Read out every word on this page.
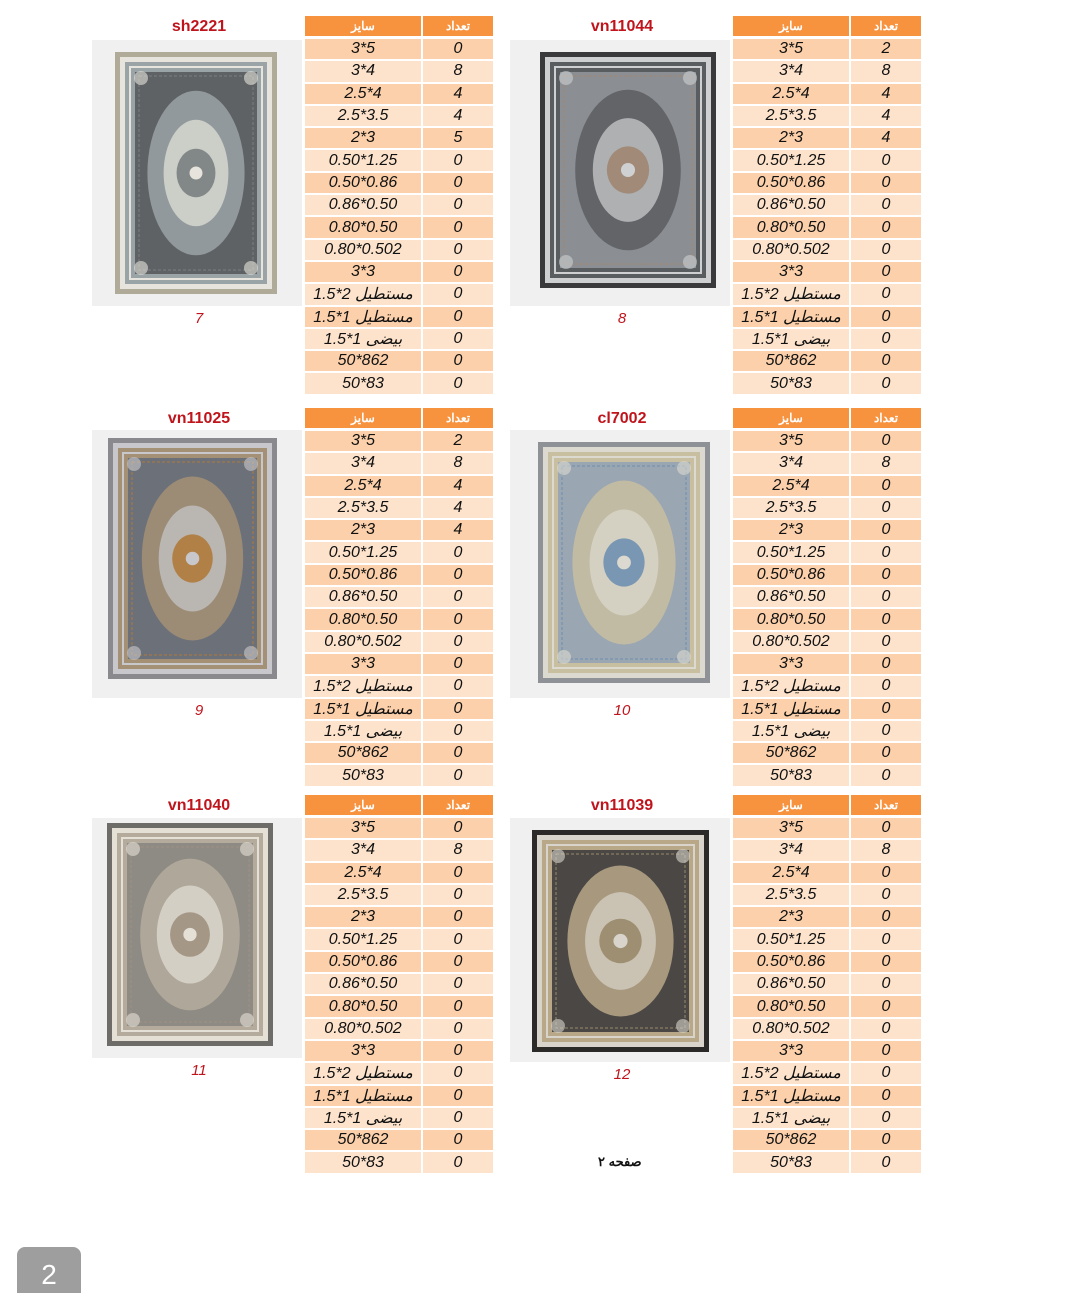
sh2221
7
سایز	تعداد
3*5	0
3*4	8
2.5*4	4
2.5*3.5	4
2*3	5
0.50*1.25	0
0.50*0.86	0
0.86*0.50	0
0.80*0.50	0
0.80*0.502	0
3*3	0
مستطیل 2*1.5	0
مستطیل 1*1.5	0
بیضی 1*1.5	0
50*862	0
50*83	0
vn11044
8
سایز	تعداد
3*5	2
3*4	8
2.5*4	4
2.5*3.5	4
2*3	4
0.50*1.25	0
0.50*0.86	0
0.86*0.50	0
0.80*0.50	0
0.80*0.502	0
3*3	0
مستطیل 2*1.5	0
مستطیل 1*1.5	0
بیضی 1*1.5	0
50*862	0
50*83	0
vn11025
9
سایز	تعداد
3*5	2
3*4	8
2.5*4	4
2.5*3.5	4
2*3	4
0.50*1.25	0
0.50*0.86	0
0.86*0.50	0
0.80*0.50	0
0.80*0.502	0
3*3	0
مستطیل 2*1.5	0
مستطیل 1*1.5	0
بیضی 1*1.5	0
50*862	0
50*83	0
cl7002
10
سایز	تعداد
3*5	0
3*4	8
2.5*4	0
2.5*3.5	0
2*3	0
0.50*1.25	0
0.50*0.86	0
0.86*0.50	0
0.80*0.50	0
0.80*0.502	0
3*3	0
مستطیل 2*1.5	0
مستطیل 1*1.5	0
بیضی 1*1.5	0
50*862	0
50*83	0
vn11040
11
سایز	تعداد
3*5	0
3*4	8
2.5*4	0
2.5*3.5	0
2*3	0
0.50*1.25	0
0.50*0.86	0
0.86*0.50	0
0.80*0.50	0
0.80*0.502	0
3*3	0
مستطیل 2*1.5	0
مستطیل 1*1.5	0
بیضی 1*1.5	0
50*862	0
50*83	0
vn11039
12
سایز	تعداد
3*5	0
3*4	8
2.5*4	0
2.5*3.5	0
2*3	0
0.50*1.25	0
0.50*0.86	0
0.86*0.50	0
0.80*0.50	0
0.80*0.502	0
3*3	0
مستطیل 2*1.5	0
مستطیل 1*1.5	0
بیضی 1*1.5	0
50*862	0
50*83	0
صفحه ۲
2
